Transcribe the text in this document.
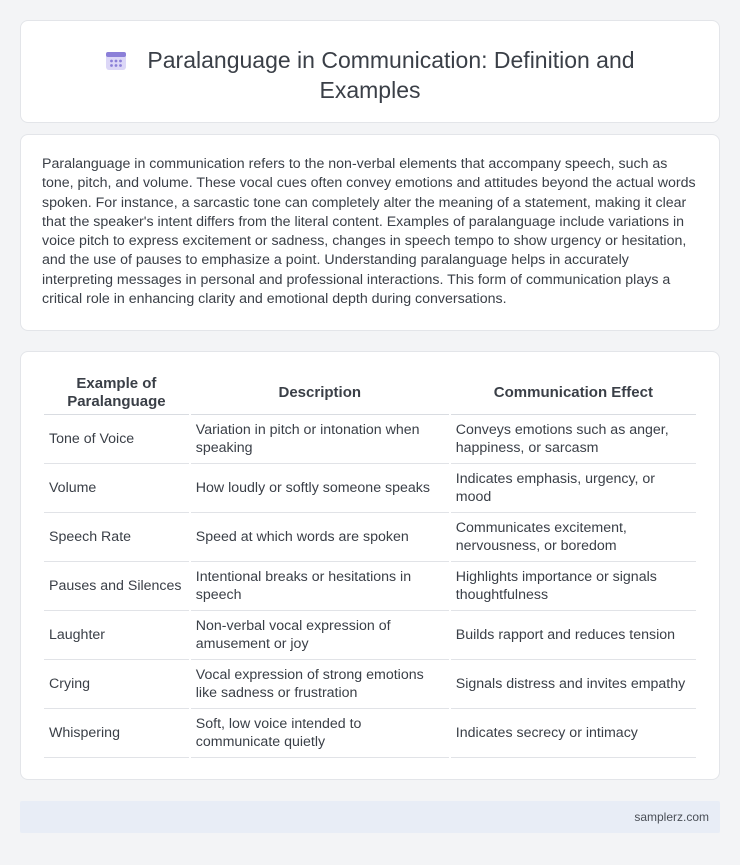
Paralanguage in Communication: Definition and Examples

Paralanguage in communication refers to the non-verbal elements that accompany speech, such as tone, pitch, and volume. These vocal cues often convey emotions and attitudes beyond the actual words spoken. For instance, a sarcastic tone can completely alter the meaning of a statement, making it clear that the speaker's intent differs from the literal content. Examples of paralanguage include variations in voice pitch to express excitement or sadness, changes in speech tempo to show urgency or hesitation, and the use of pauses to emphasize a point. Understanding paralanguage helps in accurately interpreting messages in personal and professional interactions. This form of communication plays a critical role in enhancing clarity and emotional depth during conversations.

Example of Paralanguage	Description	Communication Effect
Tone of Voice	Variation in pitch or intonation when speaking	Conveys emotions such as anger, happiness, or sarcasm
Volume	How loudly or softly someone speaks	Indicates emphasis, urgency, or mood
Speech Rate	Speed at which words are spoken	Communicates excitement, nervousness, or boredom
Pauses and Silences	Intentional breaks or hesitations in speech	Highlights importance or signals thoughtfulness
Laughter	Non-verbal vocal expression of amusement or joy	Builds rapport and reduces tension
Crying	Vocal expression of strong emotions like sadness or frustration	Signals distress and invites empathy
Whispering	Soft, low voice intended to communicate quietly	Indicates secrecy or intimacy
samplerz.com
